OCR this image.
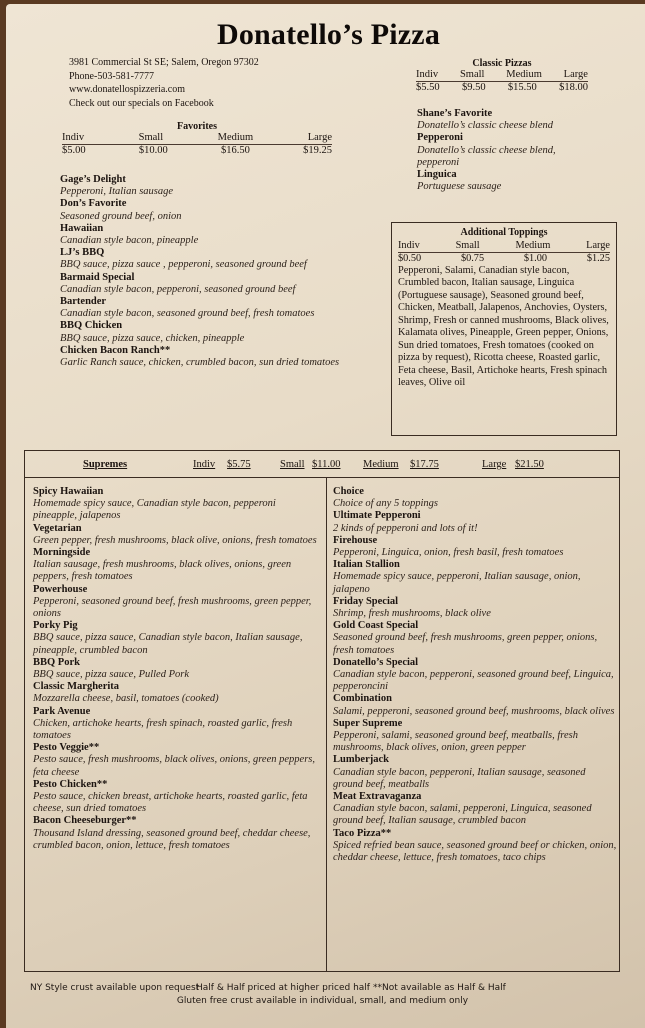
Donatello’s Pizza
3981 Commercial St SE; Salem, Oregon 97302
Phone-503-581-7777
www.donatellospizzeria.com
Check out our specials on Facebook
Favorites
Indiv	Small	Medium	Large
$5.00	$10.00	$16.50	$19.25
Gage’s Delight
Pepperoni, Italian sausage
Don’s Favorite
Seasoned ground beef, onion
Hawaiian
Canadian style bacon, pineapple
LJ’s BBQ
BBQ sauce, pizza sauce , pepperoni, seasoned ground beef
Barmaid Special
Canadian style bacon, pepperoni, seasoned ground beef
Bartender
Canadian style bacon, seasoned ground beef, fresh tomatoes
BBQ Chicken
BBQ sauce, pizza sauce, chicken, pineapple
Chicken Bacon Ranch**
Garlic Ranch sauce, chicken, crumbled bacon, sun dried tomatoes
Classic Pizzas
Indiv Small Medium Large
$5.50 $9.50 $15.50 $18.00
Shane’s Favorite
Donatello’s classic cheese blend
Pepperoni
Donatello’s classic cheese blend, pepperoni
Linguica
Portuguese sausage
Additional Toppings
Indiv	Small	Medium	Large
$0.50	$0.75	$1.00	$1.25
Pepperoni, Salami, Canadian style bacon, Crumbled bacon, Italian sausage, Linguica (Portuguese sausage), Seasoned ground beef, Chicken, Meatball, Jalapenos, Anchovies, Oysters, Shrimp, Fresh or canned mushrooms, Black olives, Kalamata olives, Pineapple, Green pepper, Onions, Sun dried tomatoes, Fresh tomatoes (cooked on pizza by request), Ricotta cheese, Roasted garlic, Feta cheese, Basil, Artichoke hearts, Fresh spinach leaves, Olive oil
Supremes	Indiv $5.75	Small $11.00 Medium $17.75	Large $21.50
Spicy Hawaiian
Homemade spicy sauce, Canadian style bacon, pepperoni pineapple, jalapenos
Vegetarian
Green pepper, fresh mushrooms, black olive, onions, fresh tomatoes
Morningside
Italian sausage, fresh mushrooms, black olives, onions, green peppers, fresh tomatoes
Powerhouse
Pepperoni, seasoned ground beef, fresh mushrooms, green pepper, onions
Porky Pig
BBQ sauce, pizza sauce, Canadian style bacon, Italian sausage, pineapple, crumbled bacon
BBQ Pork
BBQ sauce, pizza sauce, Pulled Pork
Classic Margherita
Mozzarella cheese, basil, tomatoes (cooked)
Park Avenue
Chicken, artichoke hearts, fresh spinach, roasted garlic, fresh tomatoes
Pesto Veggie**
Pesto sauce, fresh mushrooms, black olives, onions, green peppers, feta cheese
Pesto Chicken**
Pesto sauce, chicken breast, artichoke hearts, roasted garlic, feta cheese, sun dried tomatoes
Bacon Cheeseburger**
Thousand Island dressing, seasoned ground beef, cheddar cheese, crumbled bacon, onion, lettuce, fresh tomatoes
Choice
Choice of any 5 toppings
Ultimate Pepperoni
2 kinds of pepperoni and lots of it!
Firehouse
Pepperoni, Linguica, onion, fresh basil, fresh tomatoes
Italian Stallion
Homemade spicy sauce, pepperoni, Italian sausage, onion, jalapeno
Friday Special
Shrimp, fresh mushrooms, black olive
Gold Coast Special
Seasoned ground beef, fresh mushrooms, green pepper, onions, fresh tomatoes
Donatello’s Special
Canadian style bacon, pepperoni, seasoned ground beef, Linguica, pepperoncini
Combination
Salami, pepperoni, seasoned ground beef, mushrooms, black olives
Super Supreme
Pepperoni, salami, seasoned ground beef, meatballs, fresh mushrooms, black olives, onion, green pepper
Lumberjack
Canadian style bacon, pepperoni, Italian sausage, seasoned ground beef, meatballs
Meat Extravaganza
Canadian style bacon, salami, pepperoni, Linguica, seasoned ground beef, Italian sausage, crumbled bacon
Taco Pizza**
Spiced refried bean sauce, seasoned ground beef or chicken, onion, cheddar cheese, lettuce, fresh tomatoes, taco chips
NY Style crust available upon request
Half & Half priced at higher priced half **Not available as Half & Half
Gluten free crust available in individual, small, and medium only
